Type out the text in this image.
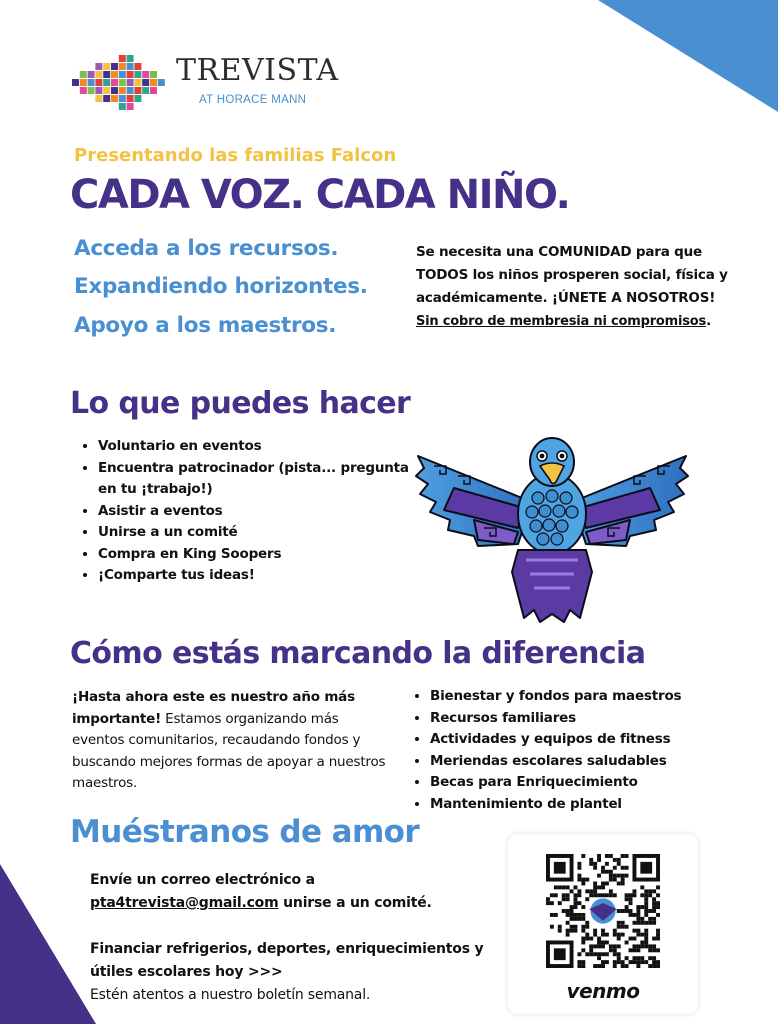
TREVISTA
AT HORACE MANN
Presentando las familias Falcon
CADA VOZ. CADA NIÑO.
Acceda a los recursos.
Expandiendo horizontes.
Apoyo a los maestros.
Se necesita una COMUNIDAD para que TODOS los niños prosperen social, física y académicamente. ¡ÚNETE A NOSOTROS!
Sin cobro de membresia ni compromisos.
Lo que puedes hacer
• Voluntario en eventos
• Encuentra patrocinador (pista... pregunta en tu ¡trabajo!)
• Asistir a eventos
• Unirse a un comité
• Compra en King Soopers
• ¡Comparte tus ideas!
Cómo estás marcando la diferencia
¡Hasta ahora este es nuestro año más importante! Estamos organizando más eventos comunitarios, recaudando fondos y buscando mejores formas de apoyar a nuestros maestros.
• Bienestar y fondos para maestros
• Recursos familiares
• Actividades y equipos de fitness
• Meriendas escolares saludables
• Becas para Enriquecimiento
• Mantenimiento de plantel
Muéstranos de amor
Envíe un correo electrónico a
pta4trevista@gmail.com unirse a un comité.

Financiar refrigerios, deportes, enriquecimientos y útiles escolares hoy >>>
Estén atentos a nuestro boletín semanal.	venmo
